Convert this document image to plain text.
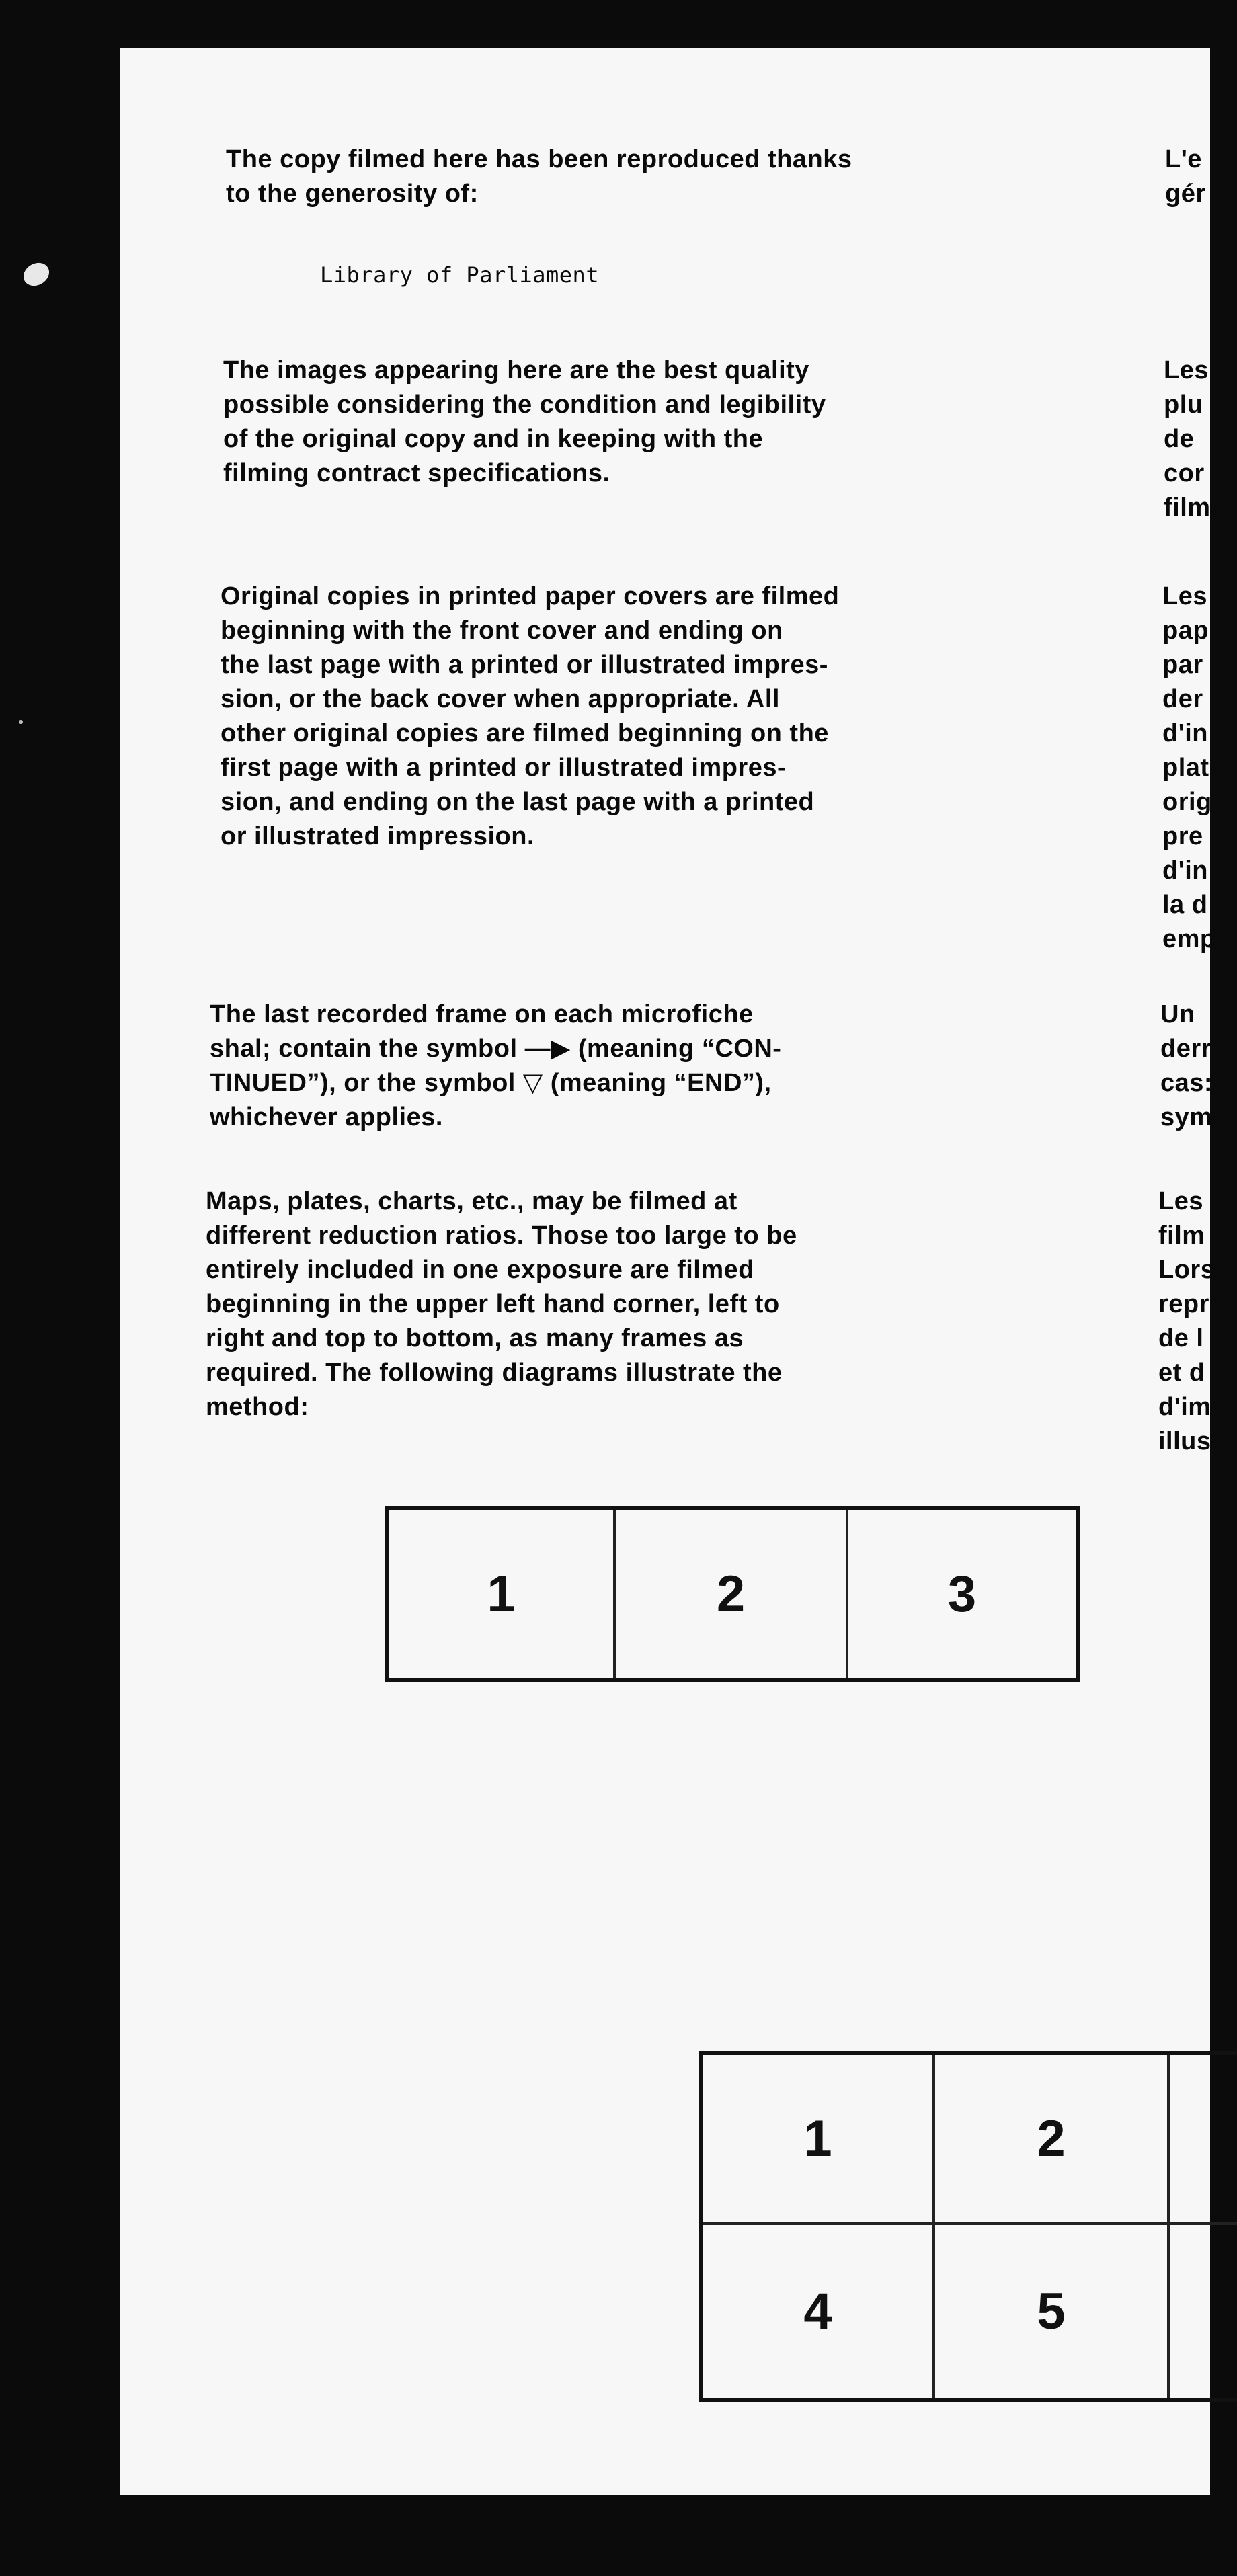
The copy filmed here has been reproduced thanks
to the generosity of:
Library of Parliament
The images appearing here are the best quality
possible considering the condition and legibility
of the original copy and in keeping with the
filming contract specifications.
Original copies in printed paper covers are filmed
beginning with the front cover and ending on
the last page with a printed or illustrated impres-
sion, or the back cover when appropriate. All
other original copies are filmed beginning on the
first page with a printed or illustrated impres-
sion, and ending on the last page with a printed
or illustrated impression.
The last recorded frame on each microfiche
shal; contain the symbol —▶ (meaning “CON-
TINUED”), or the symbol ▽ (meaning “END”),
whichever applies.
Maps, plates, charts, etc., may be filmed at
different reduction ratios. Those too large to be
entirely included in one exposure are filmed
beginning in the upper left hand corner, left to
right and top to bottom, as many frames as
required. The following diagrams illustrate the
method:
L'e
gér
Les
plu
de
cor
film
Les
pap
par
der
d'in
plat
orig
pre
d'in
la d
emp
Un
derr
cas:
sym
Les
film
Lors
repr
de l
et d
d'im
illus
1	2	3
1	2
4	5
